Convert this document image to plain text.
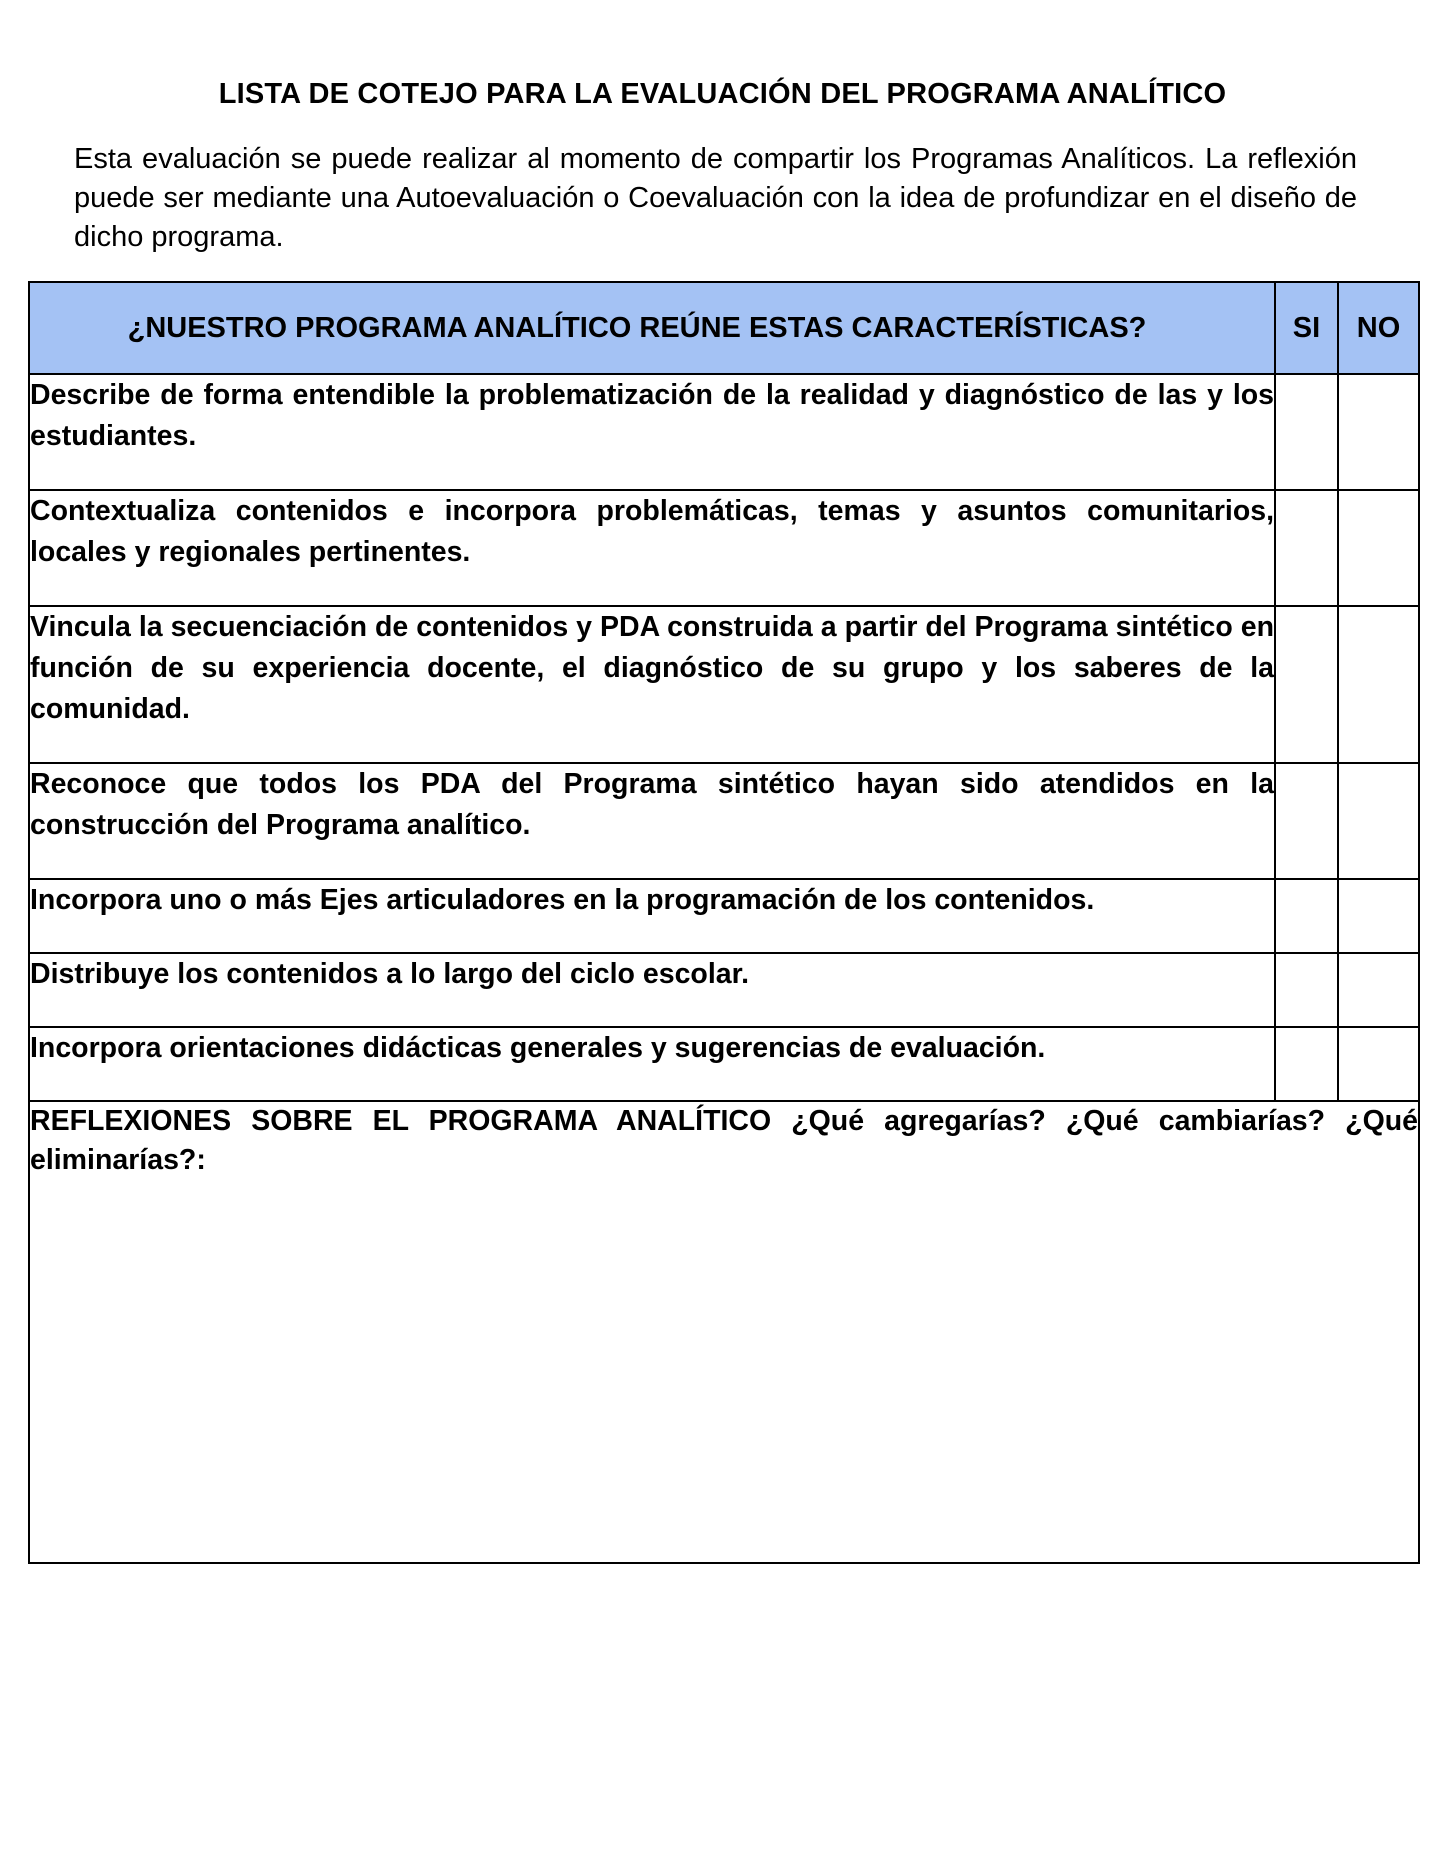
LISTA DE COTEJO PARA LA EVALUACIÓN DEL PROGRAMA ANALÍTICO
Esta evaluación se puede realizar al momento de compartir los Programas Analíticos. La reflexión puede ser mediante una Autoevaluación o Coevaluación con la idea de profundizar en el diseño de dicho programa.
¿NUESTRO PROGRAMA ANALÍTICO REÚNE ESTAS CARACTERÍSTICAS?	SI	NO
Describe de forma entendible la problematización de la realidad y diagnóstico de las y los estudiantes.		
Contextualiza contenidos e incorpora problemáticas, temas y asuntos comunitarios, locales y regionales pertinentes.		
Vincula la secuenciación de contenidos y PDA construida a partir del Programa sintético en función de su experiencia docente, el diagnóstico de su grupo y los saberes de la comunidad.		
Reconoce que todos los PDA del Programa sintético hayan sido atendidos en la construcción del Programa analítico.		
Incorpora uno o más Ejes articuladores en la programación de los contenidos.		
Distribuye los contenidos a lo largo del ciclo escolar.		
Incorpora orientaciones didácticas generales y sugerencias de evaluación.		
REFLEXIONES SOBRE EL PROGRAMA ANALÍTICO ¿Qué agregarías? ¿Qué cambiarías? ¿Qué eliminarías?:		
